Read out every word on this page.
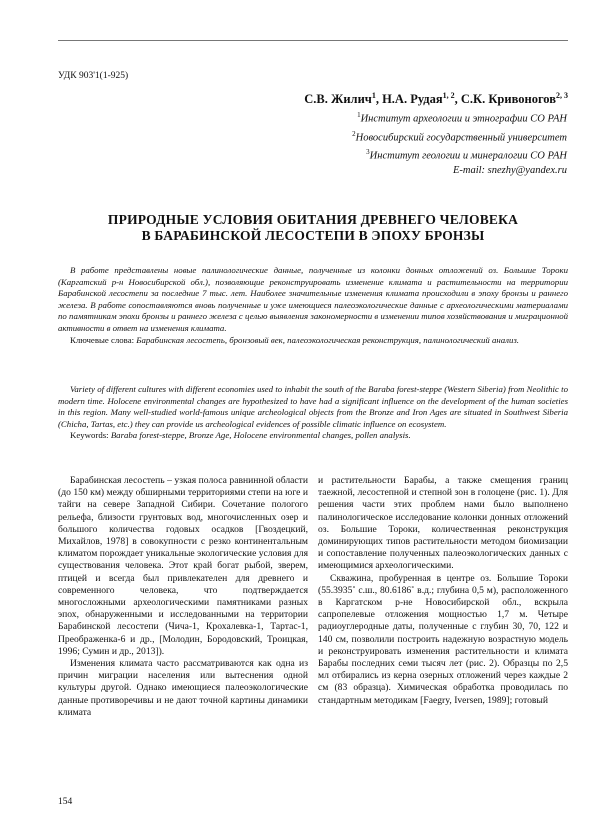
УДК 903'1(1-925)
С.В. Жилич$^1$, Н.А. Рудая$^{1, 2}$, С.К. Кривоногов$^{2, 3}$
$^1$Институт археологии и этнографии СО РАН
$^2$Новосибирский государственный университет
$^3$Институт геологии и минералогии СО РАН
E-mail: snezhy@yandex.ru
ПРИРОДНЫЕ УСЛОВИЯ ОБИТАНИЯ ДРЕВНЕГО ЧЕЛОВЕКА
В БАРАБИНСКОЙ ЛЕСОСТЕПИ В ЭПОХУ БРОНЗЫ
В работе представлены новые палинологические данные, полученные из колонки донных отложений оз. Большие Тороки (Каргатский р-н Новосибирской обл.), позволяющие реконструировать изменение климата и растительности на территории Барабинской лесостепи за последние 7 тыс. лет. Наиболее значительные изменения климата происходили в эпоху бронзы и раннего железа. В работе сопоставляются вновь полученные и уже имеющиеся палеоэкологические данные с археологическими материалами по памятникам эпохи бронзы и раннего железа с целью выявления закономерности в изменении типов хозяйствования и миграционной активности в ответ на изменения климата.
Ключевые слова: Барабинская лесостепь, бронзовый век, палеоэкологическая реконструкция, палинологический анализ.
Variety of different cultures with different economies used to inhabit the south of the Baraba forest-steppe (Western Siberia) from Neolithic to modern time. Holocene environmental changes are hypothesized to have had a significant influence on the development of the human societies in this region. Many well-studied world-famous unique archeological objects from the Bronze and Iron Ages are situated in Southwest Siberia (Chicha, Tartas, etc.) they can provide us archeological evidences of possible climatic influence on ecosystem.
Keywords: Baraba forest-steppe, Bronze Age, Holocene environmental changes, pollen analysis.

Барабинская лесостепь – узкая полоса равнинной области (до 150 км) между обширными территориями степи на юге и тайги на севере Западной Сибири. Сочетание пологого рельефа, близости грунтовых вод, многочисленных озер и большого количества годовых осадков [Гвоздецкий, Михайлов, 1978] в совокупности с резко континентальным климатом порождает уникальные экологические условия для существования человека. Этот край богат рыбой, зверем, птицей и всегда был привлекателен для древнего и современного человека, что подтверждается многосложными археологическими памятниками разных эпох, обнаруженными и исследованными на территории Барабинской лесостепи (Чича-1, Крохалевка-1, Тартас-1, Преображенка-6 и др., [Молодин, Бородовский, Троицкая, 1996; Сумин и др., 2013]).

Изменения климата часто рассматриваются как одна из причин миграции населения или вытеснения одной культуры другой. Однако имеющиеся палеоэкологические данные противоречивы и не дают точной картины динамики климата

и растительности Барабы, а также смещения границ таежной, лесостепной и степной зон в голоцене (рис. 1). Для решения части этих проблем нами было выполнено палинологическое исследование колонки донных отложений оз. Большие Тороки, количественная реконструкция доминирующих типов растительности методом биомизации и сопоставление полученных палеоэкологических данных с имеющимися археологическими.

Скважина, пробуренная в центре оз. Большие Тороки (55.3935˚ с.ш., 80.6186˚ в.д.; глубина 0,5 м), расположенного в Каргатском р-не Новосибирской обл., вскрыла сапропелевые отложения мощностью 1,7 м. Четыре радиоуглеродные даты, полученные с глубин 30, 70, 122 и 140 см, позволили построить надежную возрастную модель и реконструировать изменения растительности и климата Барабы последних семи тысяч лет (рис. 2). Образцы по 2,5 мл отбирались из керна озерных отложений через каждые 2 см (83 образца). Химическая обработка проводилась по стандартным методикам [Faegry, Iversen, 1989]; готовый

154
